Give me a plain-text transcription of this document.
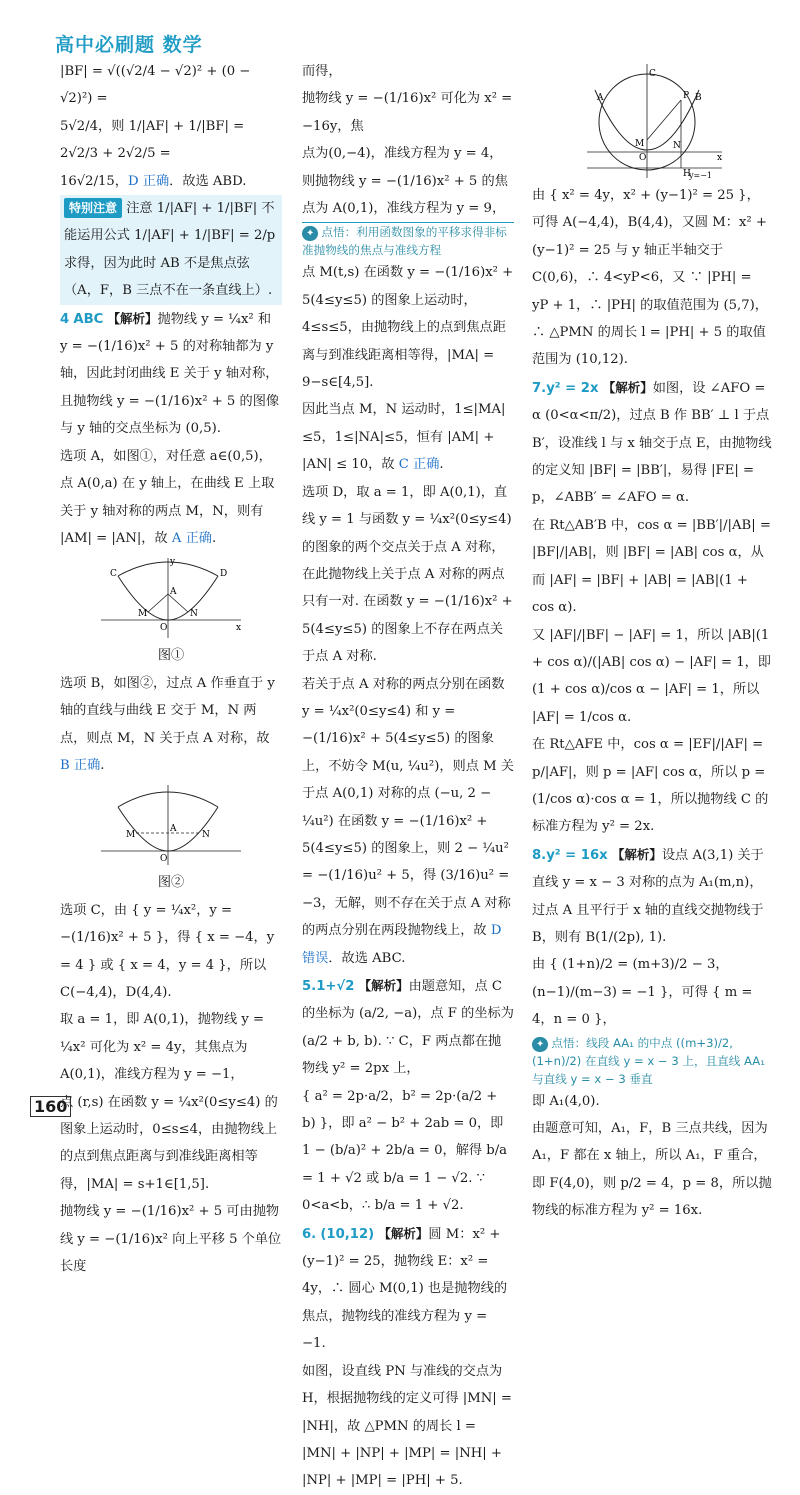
高中必刷题 数学

|BF| = √((√2/4 − √2)² + (0 − √2)²) =

5√2/4，则 1/|AF| + 1/|BF| = 2√2/3 + 2√2/5 =

16√2/15，D 正确．故选 ABD.

特别注意 注意 1/|AF| + 1/|BF| 不能运用公式 1/|AF| + 1/|BF| = 2/p 求得，因为此时 AB 不是焦点弦（A，F，B 三点不在一条直线上）.

4 ABC 【解析】抛物线 y = ¼x² 和 y = −(1/16)x² + 5 的对称轴都为 y 轴，因此封闭曲线 E 关于 y 轴对称，且抛物线 y = −(1/16)x² + 5 的图像与 y 轴的交点坐标为 (0,5).

选项 A，如图①，对任意 a∈(0,5)，点 A(0,a) 在 y 轴上，在曲线 E 上取关于 y 轴对称的两点 M，N，则有 |AM| = |AN|，故 A 正确.

C	D
A
M	N
O	x
y

图①

选项 B，如图②，过点 A 作垂直于 y 轴的直线与曲线 E 交于 M，N 两点，则点 M，N 关于点 A 对称，故 B 正确.

A
M	N
O

图②

选项 C，由 { y = ¼x²，y = −(1/16)x² + 5 }，得 { x = −4，y = 4 } 或 { x = 4，y = 4 }，所以 C(−4,4)，D(4,4).

取 a = 1，即 A(0,1)，抛物线 y = ¼x² 可化为 x² = 4y，其焦点为 A(0,1)，准线方程为 y = −1，

点 (r,s) 在函数 y = ¼x²(0≤y≤4) 的图象上运动时，0≤s≤4，由抛物线上的点到焦点距离与到准线距离相等得，|MA| = s+1∈[1,5].

抛物线 y = −(1/16)x² + 5 可由抛物线 y = −(1/16)x² 向上平移 5 个单位长度

而得，

抛物线 y = −(1/16)x² 可化为 x² = −16y，焦

点为(0,−4)，准线方程为 y = 4，则抛物线 y = −(1/16)x² + 5 的焦点为 A(0,1)，准线方程为 y = 9，

✦ 点悟：利用函数图象的平移求得非标准抛物线的焦点与准线方程

点 M(t,s) 在函数 y = −(1/16)x² + 5(4≤y≤5) 的图象上运动时，4≤s≤5，由抛物线上的点到焦点距离与到准线距离相等得，|MA| = 9−s∈[4,5].

因此当点 M，N 运动时，1≤|MA|≤5，1≤|NA|≤5，恒有 |AM| + |AN| ≤ 10，故 C 正确.

选项 D，取 a = 1，即 A(0,1)，直线 y = 1 与函数 y = ¼x²(0≤y≤4) 的图象的两个交点关于点 A 对称，在此抛物线上关于点 A 对称的两点只有一对. 在函数 y = −(1/16)x² + 5(4≤y≤5) 的图象上不存在两点关于点 A 对称.

若关于点 A 对称的两点分别在函数 y = ¼x²(0≤y≤4) 和 y = −(1/16)x² + 5(4≤y≤5) 的图象上，不妨令 M(u, ¼u²)，则点 M 关于点 A(0,1) 对称的点 (−u, 2 − ¼u²) 在函数 y = −(1/16)x² + 5(4≤y≤5) 的图象上，则 2 − ¼u² = −(1/16)u² + 5，得 (3/16)u² = −3，无解，则不存在关于点 A 对称的两点分别在两段抛物线上，故 D 错误．故选 ABC.

5.1+√2 【解析】由题意知，点 C 的坐标为 (a/2, −a)，点 F 的坐标为 (a/2 + b, b). ∵ C，F 两点都在抛物线 y² = 2px 上，

{ a² = 2p·a/2，b² = 2p·(a/2 + b) }，即 a² − b² + 2ab = 0，即 1 − (b/a)² + 2b/a = 0，解得 b/a = 1 + √2 或 b/a = 1 − √2. ∵ 0<a<b，∴ b/a = 1 + √2.

6. (10,12) 【解析】圆 M：x² + (y−1)² = 25，抛物线 E：x² = 4y，∴ 圆心 M(0,1) 也是抛物线的焦点，抛物线的准线方程为 y = −1.

如图，设直线 PN 与准线的交点为 H，根据抛物线的定义可得 |MN| = |NH|，故 △PMN 的周长 l = |MN| + |NP| + |MP| = |NH| + |NP| + |MP| = |PH| + 5.

A	B
C
P
M	N
H
O
y=−1
x

由 { x² = 4y，x² + (y−1)² = 25 }，可得 A(−4,4)，B(4,4)，又圆 M：x² + (y−1)² = 25 与 y 轴正半轴交于 C(0,6)，∴ 4<yP<6，又 ∵ |PH| = yP + 1，∴ |PH| 的取值范围为 (5,7)，∴ △PMN 的周长 l = |PH| + 5 的取值范围为 (10,12).

7.y² = 2x 【解析】如图，设 ∠AFO = α (0<α<π/2)，过点 B 作 BB′ ⊥ l 于点 B′，设准线 l 与 x 轴交于点 E，由抛物线的定义知 |BF| = |BB′|，易得 |FE| = p，∠ABB′ = ∠AFO = α.

在 Rt△AB′B 中，cos α = |BB′|/|AB| = |BF|/|AB|，则 |BF| = |AB| cos α，从而 |AF| = |BF| + |AB| = |AB|(1 + cos α).

又 |AF|/|BF| − |AF| = 1，所以 |AB|(1 + cos α)/(|AB| cos α) − |AF| = 1，即 (1 + cos α)/cos α − |AF| = 1，所以 |AF| = 1/cos α.

在 Rt△AFE 中，cos α = |EF|/|AF| = p/|AF|，则 p = |AF| cos α，所以 p = (1/cos α)·cos α = 1，所以抛物线 C 的标准方程为 y² = 2x.

8.y² = 16x 【解析】设点 A(3,1) 关于直线 y = x − 3 对称的点为 A₁(m,n)，过点 A 且平行于 x 轴的直线交抛物线于 B，则有 B(1/(2p), 1).

由 { (1+n)/2 = (m+3)/2 − 3，(n−1)/(m−3) = −1 }，可得 { m = 4，n = 0 }，

✦ 点悟：线段 AA₁ 的中点 ((m+3)/2, (1+n)/2) 在直线 y = x − 3 上，且直线 AA₁ 与直线 y = x − 3 垂直

即 A₁(4,0).

由题意可知，A₁，F，B 三点共线，因为 A₁，F 都在 x 轴上，所以 A₁，F 重合，即 F(4,0)，则 p/2 = 4，p = 8，所以抛物线的标准方程为 y² = 16x.

160
